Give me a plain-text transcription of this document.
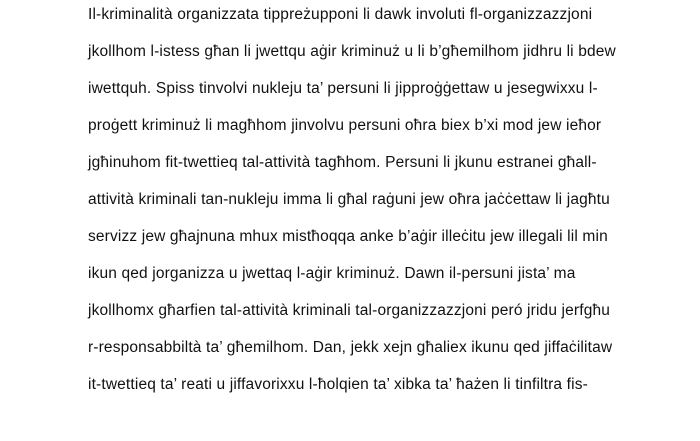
Il-kriminalità organizzata tippreżupponi li dawk involuti fl-organizzazzjoni
jkollhom l-istess għan li jwettqu aġir kriminuż u li b’għemilhom jidhru li bdew
iwettquh. Spiss tinvolvi nukleju ta’ persuni li jipproġġettaw u jesegwixxu l-
proġett kriminuż li magħhom jinvolvu persuni oħra biex b’xi mod jew ieħor
jgħinuhom fit-twettieq tal-attività tagħhom. Persuni li jkunu estranei għall-
attività kriminali tan-nukleju imma li għal raġuni jew oħra jaċċettaw li jagħtu
servizz jew għajnuna mhux mistħoqqa anke b’aġir illeċitu jew illegali lil min
ikun qed jorganizza u jwettaq l-aġir kriminuż. Dawn il-persuni jista’ ma
jkollhomx għarfien tal-attività kriminali tal-organizzazzjoni peró jridu jerfgħu
r-responsabbiltà ta’ għemilhom. Dan, jekk xejn għaliex ikunu qed jiffaċilitaw
it-twettieq ta’ reati u jiffavorixxu l-ħolqien ta’ xibka ta’ ħażen li tinfiltra fis-
